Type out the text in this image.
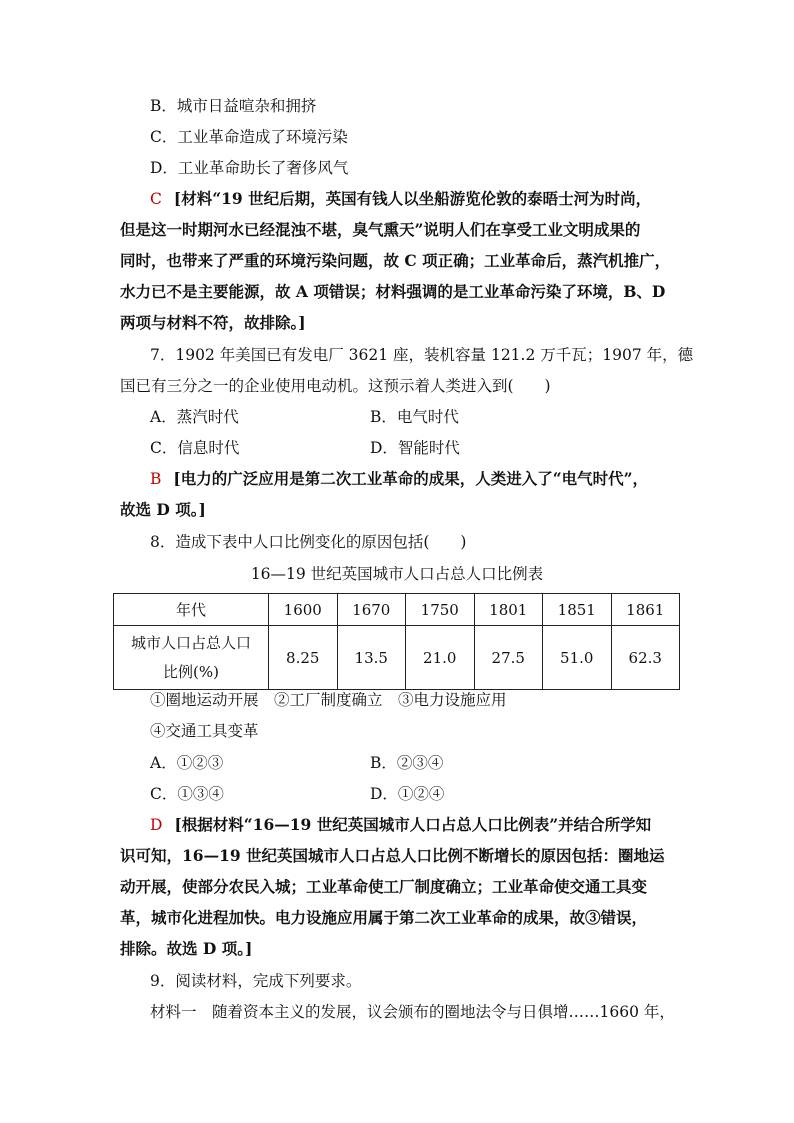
B．城市日益喧杂和拥挤
C．工业革命造成了环境污染
D．工业革命助长了奢侈风气
C [材料“19 世纪后期，英国有钱人以坐船游览伦敦的泰晤士河为时尚，
但是这一时期河水已经混浊不堪，臭气熏天”说明人们在享受工业文明成果的
同时，也带来了严重的环境污染问题，故 C 项正确；工业革命后，蒸汽机推广，
水力已不是主要能源，故 A 项错误；材料强调的是工业革命污染了环境，B、D
两项与材料不符，故排除。]
7．1902 年美国已有发电厂 3621 座，装机容量 121.2 万千瓦；1907 年，德
国已有三分之一的企业使用电动机。这预示着人类进入到(　　)
A．蒸汽时代	B．电气时代
C．信息时代	D．智能时代
B [电力的广泛应用是第二次工业革命的成果，人类进入了“电气时代”，
故选 D 项。]
8．造成下表中人口比例变化的原因包括(　　)
16—19 世纪英国城市人口占总人口比例表
年代	1600	1670	1750	1801	1851	1861

城市人口占总人口
比例(%)	8.25	13.5	21.0	27.5	51.0	62.3
①圈地运动开展　②工厂制度确立　③电力设施应用
④交通工具变革
A．①②③	B．②③④
C．①③④	D．①②④
D [根据材料“16—19 世纪英国城市人口占总人口比例表”并结合所学知
识可知，16—19 世纪英国城市人口占总人口比例不断增长的原因包括：圈地运
动开展，使部分农民入城；工业革命使工厂制度确立；工业革命使交通工具变
革，城市化进程加快。电力设施应用属于第二次工业革命的成果，故③错误，
排除。故选 D 项。]
9．阅读材料，完成下列要求。
材料一　随着资本主义的发展，议会颁布的圈地法令与日俱增……1660 年，
